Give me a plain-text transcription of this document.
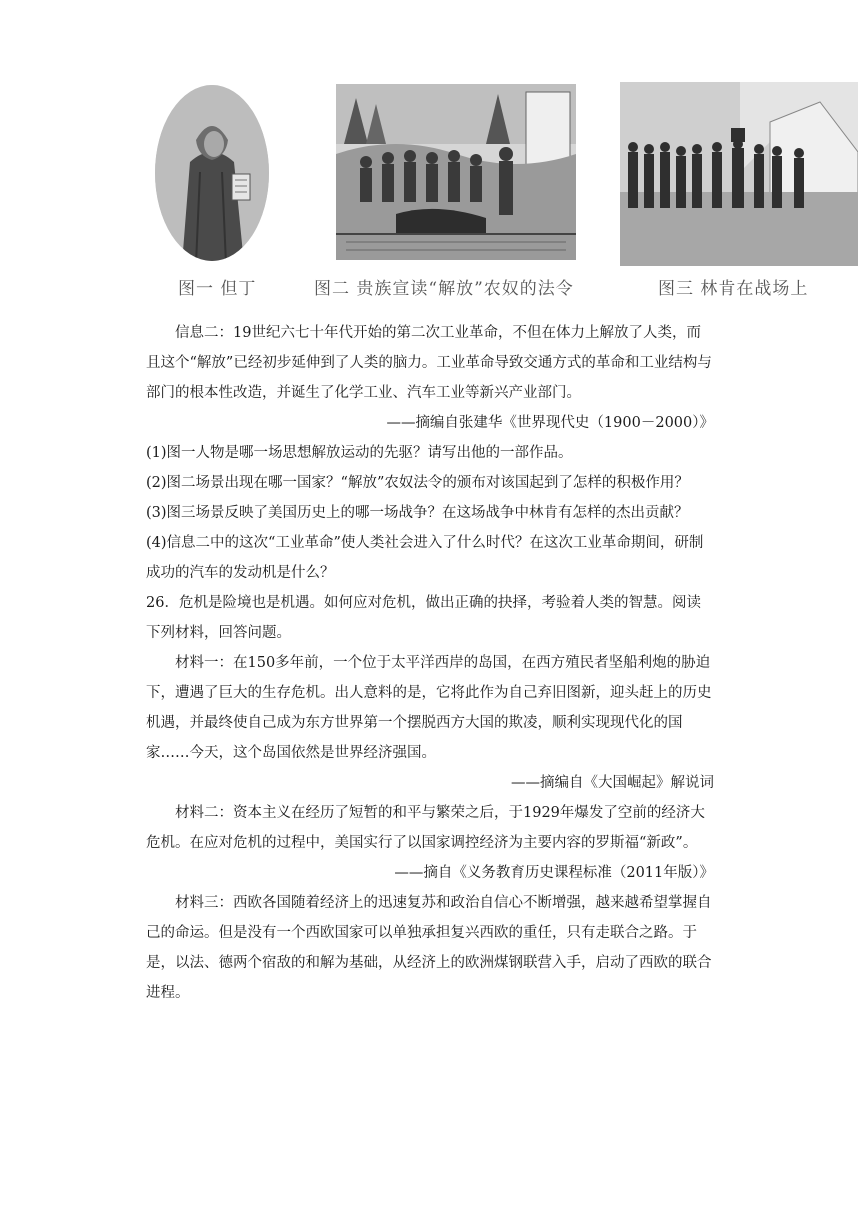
图一 但丁	图二 贵族宣读“解放”农奴的法令	图三 林肯在战场上

信息二：19世纪六七十年代开始的第二次工业革命，不但在体力上解放了人类，而且这个“解放”已经初步延伸到了人类的脑力。工业革命导致交通方式的革命和工业结构与部门的根本性改造，并诞生了化学工业、汽车工业等新兴产业部门。

——摘编自张建华《世界现代史（1900－2000）》

(1)图一人物是哪一场思想解放运动的先驱？请写出他的一部作品。

(2)图二场景出现在哪一国家？“解放”农奴法令的颁布对该国起到了怎样的积极作用？

(3)图三场景反映了美国历史上的哪一场战争？在这场战争中林肯有怎样的杰出贡献？

(4)信息二中的这次“工业革命”使人类社会进入了什么时代？在这次工业革命期间，研制成功的汽车的发动机是什么？

26．危机是险境也是机遇。如何应对危机，做出正确的抉择，考验着人类的智慧。阅读下列材料，回答问题。

材料一：在150多年前，一个位于太平洋西岸的岛国，在西方殖民者坚船利炮的胁迫下，遭遇了巨大的生存危机。出人意料的是，它将此作为自己弃旧图新，迎头赶上的历史机遇，并最终使自己成为东方世界第一个摆脱西方大国的欺凌，顺利实现现代化的国家……今天，这个岛国依然是世界经济强国。

——摘编自《大国崛起》解说词

材料二：资本主义在经历了短暂的和平与繁荣之后，于1929年爆发了空前的经济大危机。在应对危机的过程中，美国实行了以国家调控经济为主要内容的罗斯福“新政”。

——摘自《义务教育历史课程标准（2011年版）》

材料三：西欧各国随着经济上的迅速复苏和政治自信心不断增强，越来越希望掌握自己的命运。但是没有一个西欧国家可以单独承担复兴西欧的重任，只有走联合之路。于是，以法、德两个宿敌的和解为基础，从经济上的欧洲煤钢联营入手，启动了西欧的联合进程。
